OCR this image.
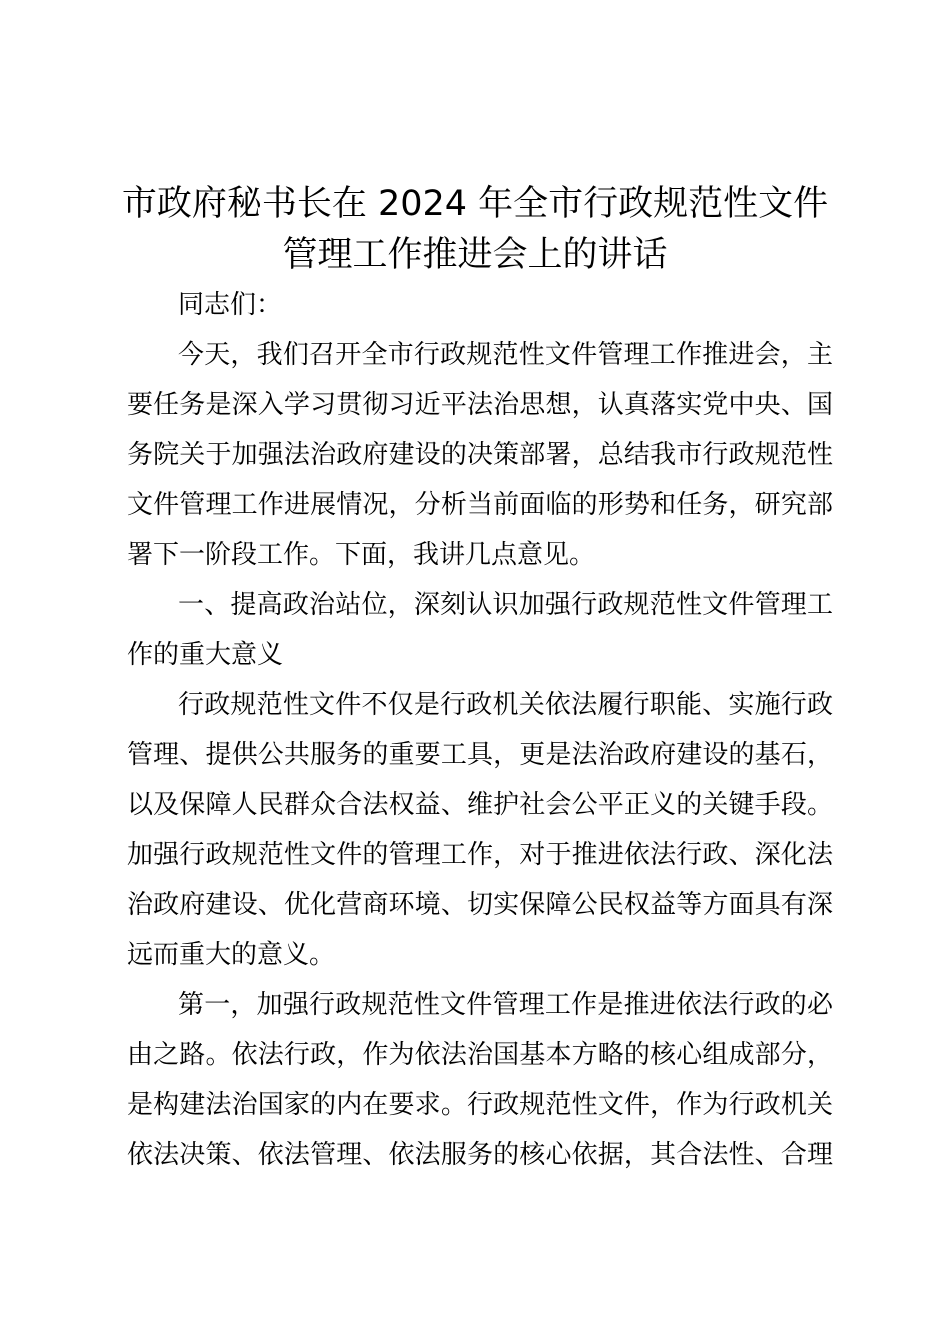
市政府秘书长在 2024 年全市行政规范性文件
管理工作推进会上的讲话
同志们：
今天，我们召开全市行政规范性文件管理工作推进会，主
要任务是深入学习贯彻习近平法治思想，认真落实党中央、国
务院关于加强法治政府建设的决策部署，总结我市行政规范性
文件管理工作进展情况，分析当前面临的形势和任务，研究部
署下一阶段工作。下面，我讲几点意见。
一、提高政治站位，深刻认识加强行政规范性文件管理工
作的重大意义
行政规范性文件不仅是行政机关依法履行职能、实施行政
管理、提供公共服务的重要工具，更是法治政府建设的基石，
以及保障人民群众合法权益、维护社会公平正义的关键手段。
加强行政规范性文件的管理工作，对于推进依法行政、深化法
治政府建设、优化营商环境、切实保障公民权益等方面具有深
远而重大的意义。
第一，加强行政规范性文件管理工作是推进依法行政的必
由之路。依法行政，作为依法治国基本方略的核心组成部分，
是构建法治国家的内在要求。行政规范性文件，作为行政机关
依法决策、依法管理、依法服务的核心依据，其合法性、合理
